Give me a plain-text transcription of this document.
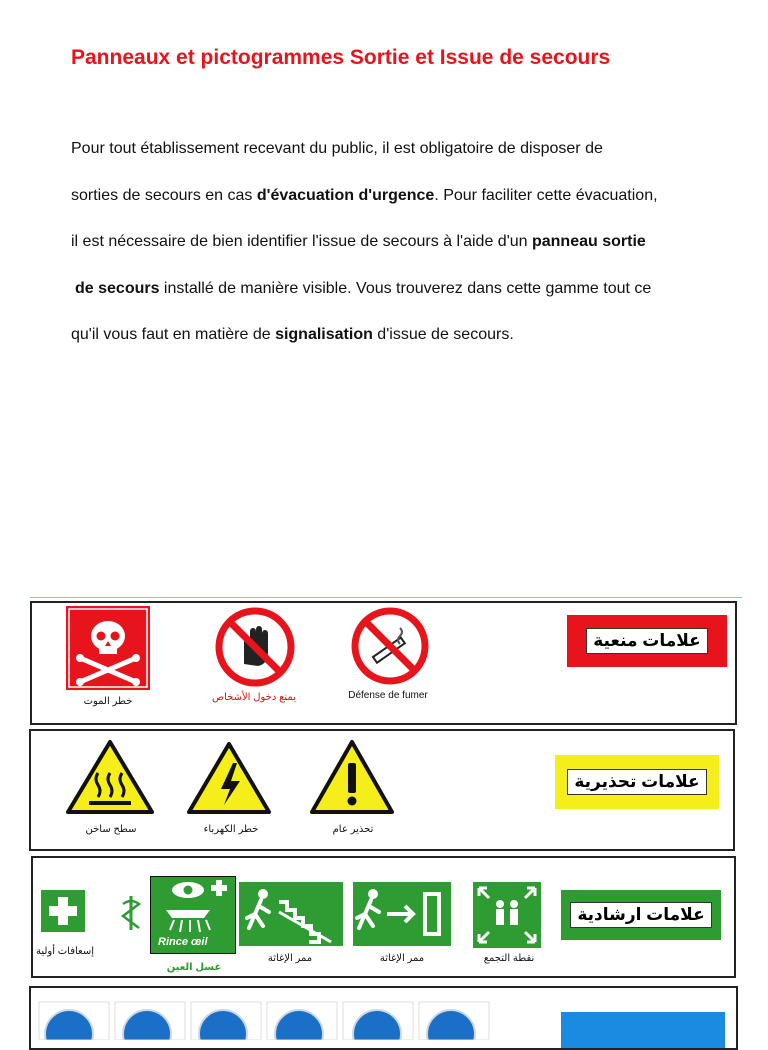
Panneaux et pictogrammes Sortie et Issue de secours
Pour tout établissement recevant du public, il est obligatoire de disposer de
sorties de secours en cas d'évacuation d'urgence. Pour faciliter cette évacuation,
il est nécessaire de bien identifier l'issue de secours à l'aide d'un panneau sortie
de secours installé de manière visible. Vous trouverez dans cette gamme tout ce
qu'il vous faut en matière de signalisation d'issue de secours.
خطر الموت	يمنع دخول الأشخاص	Défense de fumer
علامات منعية
سطح ساخن	خطر الكهرباء	تحذير عام
علامات تحذيرية
إسعافات أولية
Rince œil
غسل العين
ممر الإغاثة	ممر الإغاثة	نقطة التجمع
علامات ارشادية
